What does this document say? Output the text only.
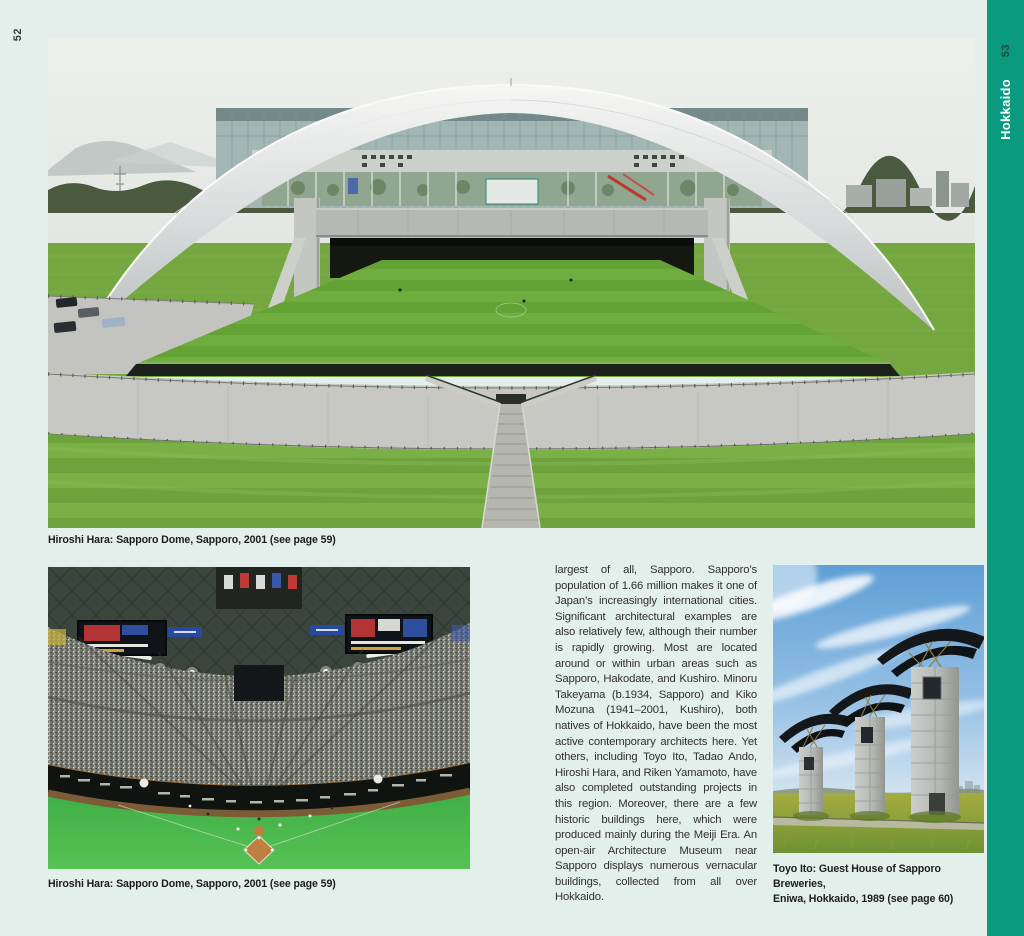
52
Hiroshi Hara: Sapporo Dome, Sapporo, 2001 (see page 59)
Hiroshi Hara: Sapporo Dome, Sapporo, 2001 (see page 59)
largest of all, Sapporo. Sapporo’s population of 1.66 million makes it one of Japan’s increasingly international cities. Significant architectural examples are also relatively few, although their number is rapidly growing. Most are located around or within urban areas such as Sapporo, Hakodate, and Kushiro. Minoru Takeyama (b.1934, Sapporo) and Kiko Mozuna (1941–2001, Kushiro), both natives of Hokkaido, have been the most active contemporary architects here. Yet others, including Toyo Ito, Tadao Ando, Hiroshi Hara, and Riken Yamamoto, have also completed outstanding projects in this region. Moreover, there are a few historic buildings here, which were produced mainly during the Meiji Era. An open-air Architecture Museum near Sapporo displays numerous vernacular buildings, collected from all over Hokkaido.
Toyo Ito: Guest House of Sapporo Breweries,
Eniwa, Hokkaido, 1989 (see page 60)
53
Hokkaido
